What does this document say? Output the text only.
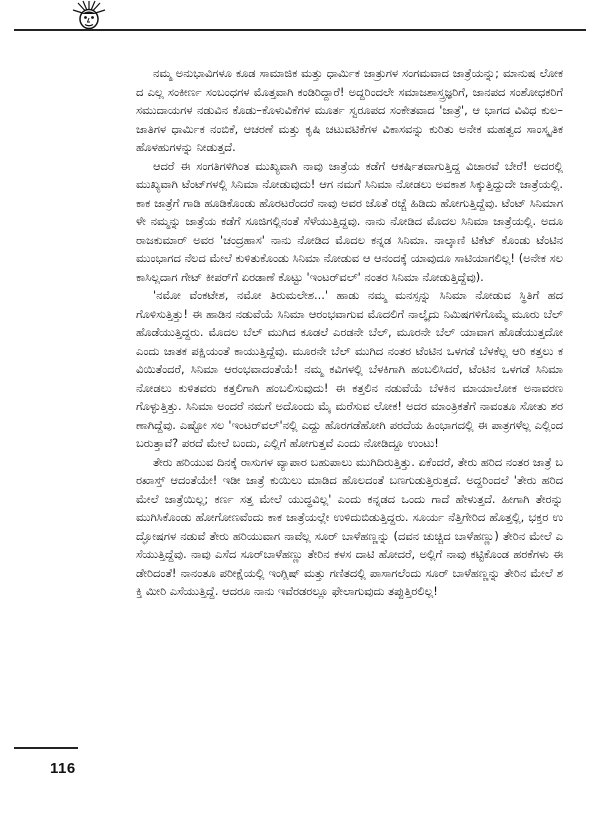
ನಮ್ಮ ಅನುಭಾವಿಗಳೂ ಕೂಡ ಸಾಮಾಜಿಕ ಮತ್ತು ಧಾರ್ಮಿಕ ಜಾತ್ರುಗಳ ಸಂಗಮವಾದ ಜಾತ್ರೆಯನ್ನು; ಮಾನುಷ ಲೋಕದ ಎಲ್ಲ ಸಂಕೀರ್ಣ ಸಂಬಂಧಗಳ ಮೊತ್ತವಾಗಿ ಕಂಡಿರಿದ್ದಾರೆ! ಅದ್ದರಿಂದಲೇ ಸಮಾಜಶಾಸ್ತ್ರಜ್ಞರಿಗೆ, ಜಾನಪದ ಸಂಶೋಧಕರಿಗೆ ಸಮುದಾಯಗಳ ನಡುವಿನ ಕೊಡು–ಕೊಳುವಿಕೆಗಳ ಮೂರ್ತ ಸ್ವರೂಪದ ಸಂಕೇತವಾದ 'ಜಾತ್ರೆ', ಆ ಭಾಗದ ವಿವಿಧ ಕುಲ–ಜಾತಿಗಳ ಧಾರ್ಮಿಕ ನಂಬಿಕೆ, ಆಚರಣೆ ಮತ್ತು ಕೃಷಿ ಚಟುವಟಿಕೆಗಳ ವಿಕಾಸವನ್ನು ಕುರಿತು ಅನೇಕ ಮಹತ್ವದ ಸಾಂಸ್ಕೃತಿಕ ಹೊಳಹುಗಳನ್ನು ನೀಡುತ್ತದೆ.

ಆದರೆ ಈ ಸಂಗತಿಗಳಿಗಿಂತ ಮುಖ್ಯವಾಗಿ ನಾವು ಜಾತ್ರೆಯ ಕಡೆಗೆ ಆಕರ್ಷಿತವಾಗುತ್ತಿದ್ದ ವಿಚಾರವೆ ಬೇರೆ! ಅದರಲ್ಲಿ ಮುಖ್ಯವಾಗಿ ಟೆಂಟ್‌ಗಳಲ್ಲಿ ಸಿನಿಮಾ ನೋಡುವುದು! ಆಗ ನಮಗೆ ಸಿನಿಮಾ ನೋಡಲು ಅವಕಾಶ ಸಿಕ್ಕುತ್ತಿದ್ದುದೇ ಜಾತ್ರೆಯಲ್ಲಿ. ಕಾಕ ಜಾತ್ರೆಗೆ ಗಾಡಿ ಹೂಡಿಕೊಂಡು ಹೊರಟರೆಂದರೆ ನಾವು ಅವರ ಜೊತೆ ರಚ್ಚೆ ಹಿಡಿದು ಹೋಗುತ್ತಿದ್ದೆವು. ಟೆಂಟ್ ಸಿನಿಮಾಗಳೇ ನಮ್ಮನ್ನು ಜಾತ್ರೆಯ ಕಡೆಗೆ ಸೂಜಿಗಲ್ಲಿನಂತೆ ಸೆಳೆಯುತ್ತಿದ್ದವು. ನಾನು ನೋಡಿದ ಮೊದಲ ಸಿನಿಮಾ ಜಾತ್ರೆಯಲ್ಲಿ. ಅದೂ ರಾಜಕುಮಾರ್ ಅವರ 'ಚಂದ್ರಹಾಸ' ನಾನು ನೋಡಿದ ಮೊದಲ ಕನ್ನಡ ಸಿನಿಮಾ. ನಾಲ್ಕಾಣಿ ಟಿಕೆಟ್ ಕೊಂಡು ಟೆಂಟಿನ ಮುಂಭಾಗದ ನೆಲದ ಮೇಲೆ ಕುಳಿತುಕೊಂಡು ಸಿನಿಮಾ ನೋಡುವ ಆ ಆನಂದಕ್ಕೆ ಯಾವುದೂ ಸಾಟಿಯಾಗಲಿಲ್ಲ! (ಅನೇಕ ಸಲ ಕಾಸಿಲ್ಲದಾಗ ಗೇಟ್ ಕೀಪರ್‌ಗೆ ಏರಡಾಣೆ ಕೊಟ್ಟು 'ಇಂಟರ್‌ವಲ್' ನಂತರ ಸಿನಿಮಾ ನೋಡುತ್ತಿದ್ದೆವು).

'ನಮೋ ವೆಂಕಟೇಶ, ನಮೋ ತಿರುಮಲೇಶ...' ಹಾಡು ನಮ್ಮ ಮನಸ್ಸನ್ನು ಸಿನಿಮಾ ನೋಡುವ ಸ್ಥಿತಿಗೆ ಹದಗೊಳಿಸುತ್ತಿತ್ತು! ಈ ಹಾಡಿನ ನಡುವೆಯೆ ಸಿನಿಮಾ ಆರಂಭವಾಗುವ ಮೊದಲಿಗೆ ನಾಲ್ಕೈದು ನಿಮಿಷಗಳಿಗೊಮ್ಮೆ ಮೂರು ಬೆಲ್ ಹೊಡೆಯುತ್ತಿದ್ದರು. ಮೊದಲ ಬೆಲ್ ಮುಗಿದ ಕೂಡಲೆ ಎರಡನೇ ಬೆಲ್, ಮೂರನೇ ಬೆಲ್ ಯಾವಾಗ ಹೊಡೆಯುತ್ತದೋ ಎಂದು ಚಾತಕ ಪಕ್ಷಿಯಂತೆ ಕಾಯುತ್ತಿದ್ದೆವು. ಮೂರನೇ ಬೆಲ್ ಮುಗಿದ ನಂತರ ಟೆಂಟಿನ ಒಳಗಡೆ ಬೆಳಕೆಲ್ಲ ಆರಿ ಕತ್ತಲು ಕವಿಯಿತೆಂದರೆ, ಸಿನಿಮಾ ಆರಂಭವಾದಂತೆಯೆ! ನಮ್ಮ ಕವಿಗಳಲ್ಲಿ ಬೆಳಕಿಗಾಗಿ ಹಂಬಲಿಸಿದರೆ, ಟೆಂಟಿನ ಒಳಗಡೆ ಸಿನಿಮಾ ನೋಡಲು ಕುಳಿತವರು ಕತ್ತಲಿಗಾಗಿ ಹಂಬಲಿಸುವುದು! ಈ ಕತ್ತಲಿನ ನಡುವೆಯೆ ಬೆಳಕಿನ ಮಾಯಾಲೋಕ ಅನಾವರಣಗೊಳ್ಳುತ್ತಿತ್ತು. ಸಿನಿಮಾ ಅಂದರೆ ನಮಗೆ ಅದೊಂದು ಮೈ ಮರೆಸುವ ಲೋಕ! ಅದರ ಮಾಂತ್ರಿಕತೆಗೆ ನಾವಂತೂ ಸೋತು ಶರಣಾಗಿದ್ದೆವು. ಎಷ್ಟೋ ಸಲ 'ಇಂಟರ್‌ವಲ್'ನಲ್ಲಿ ಎದ್ದು ಹೊರಗಡೆಹೋಗಿ ಪರದೆಯ ಹಿಂಭಾಗದಲ್ಲಿ ಈ ಪಾತ್ರಗಳೆಲ್ಲ ಎಲ್ಲಿಂದ ಬರುತ್ತಾವೆ? ಪರದೆ ಮೇಲೆ ಬಂದು, ಎಲ್ಲಿಗೆ ಹೋಗುತ್ತವೆ ಎಂದು ನೋಡಿದ್ದೂ ಉಂಟು!

ತೇರು ಹರಿಯುವ ದಿನಕ್ಕೆ ರಾಸುಗಳ ವ್ಯಾಪಾರ ಬಹುಪಾಲು ಮುಗಿದಿರುತ್ತಿತ್ತು. ಏಕೆಂದರೆ, ತೇರು ಹರಿದ ನಂತರ ಜಾತ್ರೆ ಬರಖಾಸ್ತ್ ಆದಂತೆಯೇ! ಇಡೀ ಜಾತ್ರೆ ಕುಯಿಲು ಮಾಡಿದ ಹೊಲದಂತೆ ಬಣಗುಡುತ್ತಿರುತ್ತದೆ. ಅದ್ದರಿಂದಲೆ 'ತೇರು ಹರಿದ ಮೇಲೆ ಜಾತ್ರೆಯಿಲ್ಲ; ಕರ್ಣ ಸತ್ತ ಮೇಲೆ ಯುದ್ಧವಿಲ್ಲ' ಎಂದು ಕನ್ನಡದ ಒಂದು ಗಾದೆ ಹೇಳುತ್ತದೆ. ಹೀಗಾಗಿ ತೇರನ್ನು ಮುಗಿಸಿಕೊಂಡು ಹೋಗೋಣವೆಂದು ಕಾಕ ಜಾತ್ರೆಯಲ್ಲೇ ಉಳಿದುಬಿಡುತ್ತಿದ್ದರು. ಸೂರ್ಯ ನೆತ್ತಿಗೇರಿದ ಹೊತ್ತಲ್ಲಿ, ಭಕ್ತರ ಉದ್ಘೋಷಗಳ ನಡುವೆ ತೇರು ಹರಿಯುವಾಗ ನಾವೆಲ್ಲ ಸೂರ್ ಬಾಳೆಹಣ್ಣನ್ನು (ದವನ ಚುಚ್ಚಿದ ಬಾಳೆಹಣ್ಣು) ತೇರಿನ ಮೇಲೆ ಎಸೆಯುತ್ತಿದ್ದೆವು. ನಾವು ಎಸೆದ ಸೂರ್‌ಬಾಳೆಹಣ್ಣು ತೇರಿನ ಕಳಸ ದಾಟಿ ಹೋದರೆ, ಅಲ್ಲಿಗೆ ನಾವು ಕಟ್ಟಿಕೊಂಡ ಹರಕೆಗಳು ಈಡೇರಿದಂತೆ! ನಾನಂತೂ ಪರೀಕ್ಷೆಯಲ್ಲಿ ಇಂಗ್ಲಿಷ್ ಮತ್ತು ಗಣಿತದಲ್ಲಿ ಪಾಸಾಗಲೆಂದು ಸೂರ್ ಬಾಳೆಹಣ್ಣನ್ನು ತೇರಿನ ಮೇಲೆ ಶಕ್ತಿ ಮೀರಿ ಎಸೆಯುತ್ತಿದ್ದೆ. ಆದರೂ ನಾನು ಇವೆರಡರಲ್ಲೂ ಫೇಲಾಗುವುದು ತಪ್ಪುತ್ತಿರಲಿಲ್ಲ!

116
